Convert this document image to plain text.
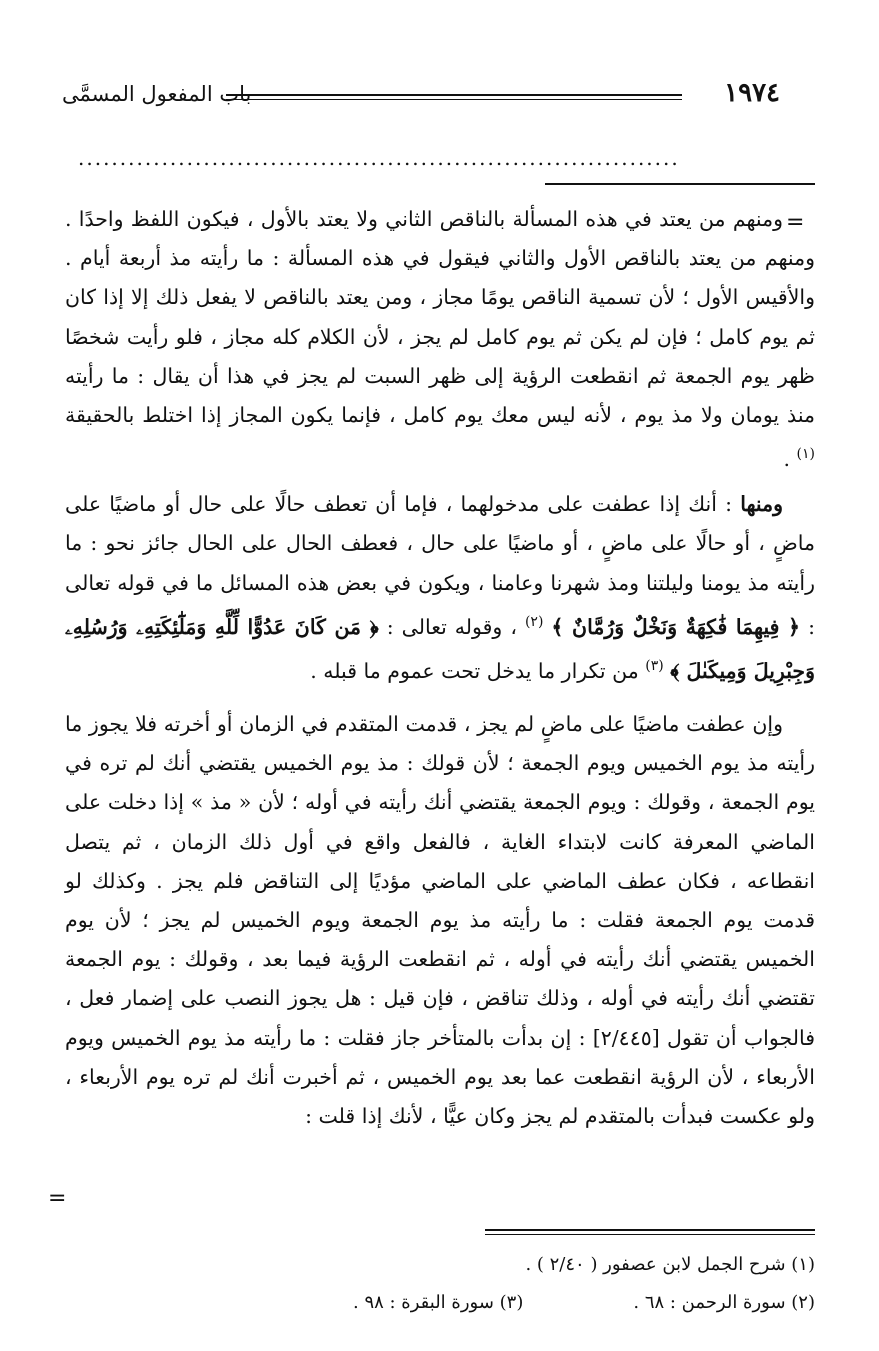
١٩٧٤
باب المفعول المسمَّى
........................................................................
=

ومنهم من يعتد في هذه المسألة بالناقص الثاني ولا يعتد بالأول ، فيكون اللفظ واحدًا . ومنهم من يعتد بالناقص الأول والثاني فيقول في هذه المسألة : ما رأيته مذ أربعة أيام . والأقيس الأول ؛ لأن تسمية الناقص يومًا مجاز ، ومن يعتد بالناقص لا يفعل ذلك إلا إذا كان ثم يوم كامل ؛ فإن لم يكن ثم يوم كامل لم يجز ، لأن الكلام كله مجاز ، فلو رأيت شخصًا ظهر يوم الجمعة ثم انقطعت الرؤية إلى ظهر السبت لم يجز في هذا أن يقال : ما رأيته منذ يومان ولا مذ يوم ، لأنه ليس معك يوم كامل ، فإنما يكون المجاز إذا اختلط بالحقيقة $^{(١)}$ .

ومنها : أنك إذا عطفت على مدخولهما ، فإما أن تعطف حالًا على حال أو ماضيًا على ماضٍ ، أو حالًا على ماضٍ ، أو ماضيًا على حال ، فعطف الحال على الحال جائز نحو : ما رأيته مذ يومنا وليلتنا ومذ شهرنا وعامنا ، ويكون في بعض هذه المسائل ما في قوله تعالى : ﴿ فِيهِمَا فَٰكِهَةٌ وَنَخْلٌ وَرُمَّانٌ ﴾ $^{(٢)}$ ، وقوله تعالى : ﴿ مَن كَانَ عَدُوًّا لِّلَّهِ وَمَلَٰٓئِكَتِهِۦ وَرُسُلِهِۦ وَجِبْرِيلَ وَمِيكَىٰلَ ﴾ $^{(٣)}$ من تكرار ما يدخل تحت عموم ما قبله .

وإن عطفت ماضيًا على ماضٍ لم يجز ، قدمت المتقدم في الزمان أو أخرته فلا يجوز ما رأيته مذ يوم الخميس ويوم الجمعة ؛ لأن قولك : مذ يوم الخميس يقتضي أنك لم تره في يوم الجمعة ، وقولك : ويوم الجمعة يقتضي أنك رأيته في أوله ؛ لأن « مذ » إذا دخلت على الماضي المعرفة كانت لابتداء الغاية ، فالفعل واقع في أول ذلك الزمان ، ثم يتصل انقطاعه ، فكان عطف الماضي على الماضي مؤديًا إلى التناقض فلم يجز . وكذلك لو قدمت يوم الجمعة فقلت : ما رأيته مذ يوم الجمعة ويوم الخميس لم يجز ؛ لأن يوم الخميس يقتضي أنك رأيته في أوله ، ثم انقطعت الرؤية فيما بعد ، وقولك : يوم الجمعة تقتضي أنك رأيته في أوله ، وذلك تناقض ، فإن قيل : هل يجوز النصب على إضمار فعل ، فالجواب أن تقول [٢/٤٤٥] : إن بدأت بالمتأخر جاز فقلت : ما رأيته مذ يوم الخميس ويوم الأربعاء ، لأن الرؤية انقطعت عما بعد يوم الخميس ، ثم أخبرت أنك لم تره يوم الأربعاء ، ولو عكست فبدأت بالمتقدم لم يجز وكان عيًّا ، لأنك إذا قلت :

=
(١) شرح الجمل لابن عصفور ( ٢/٤٠ ) .
(٢) سورة الرحمن : ٦٨ .
(٣) سورة البقرة : ٩٨ .
